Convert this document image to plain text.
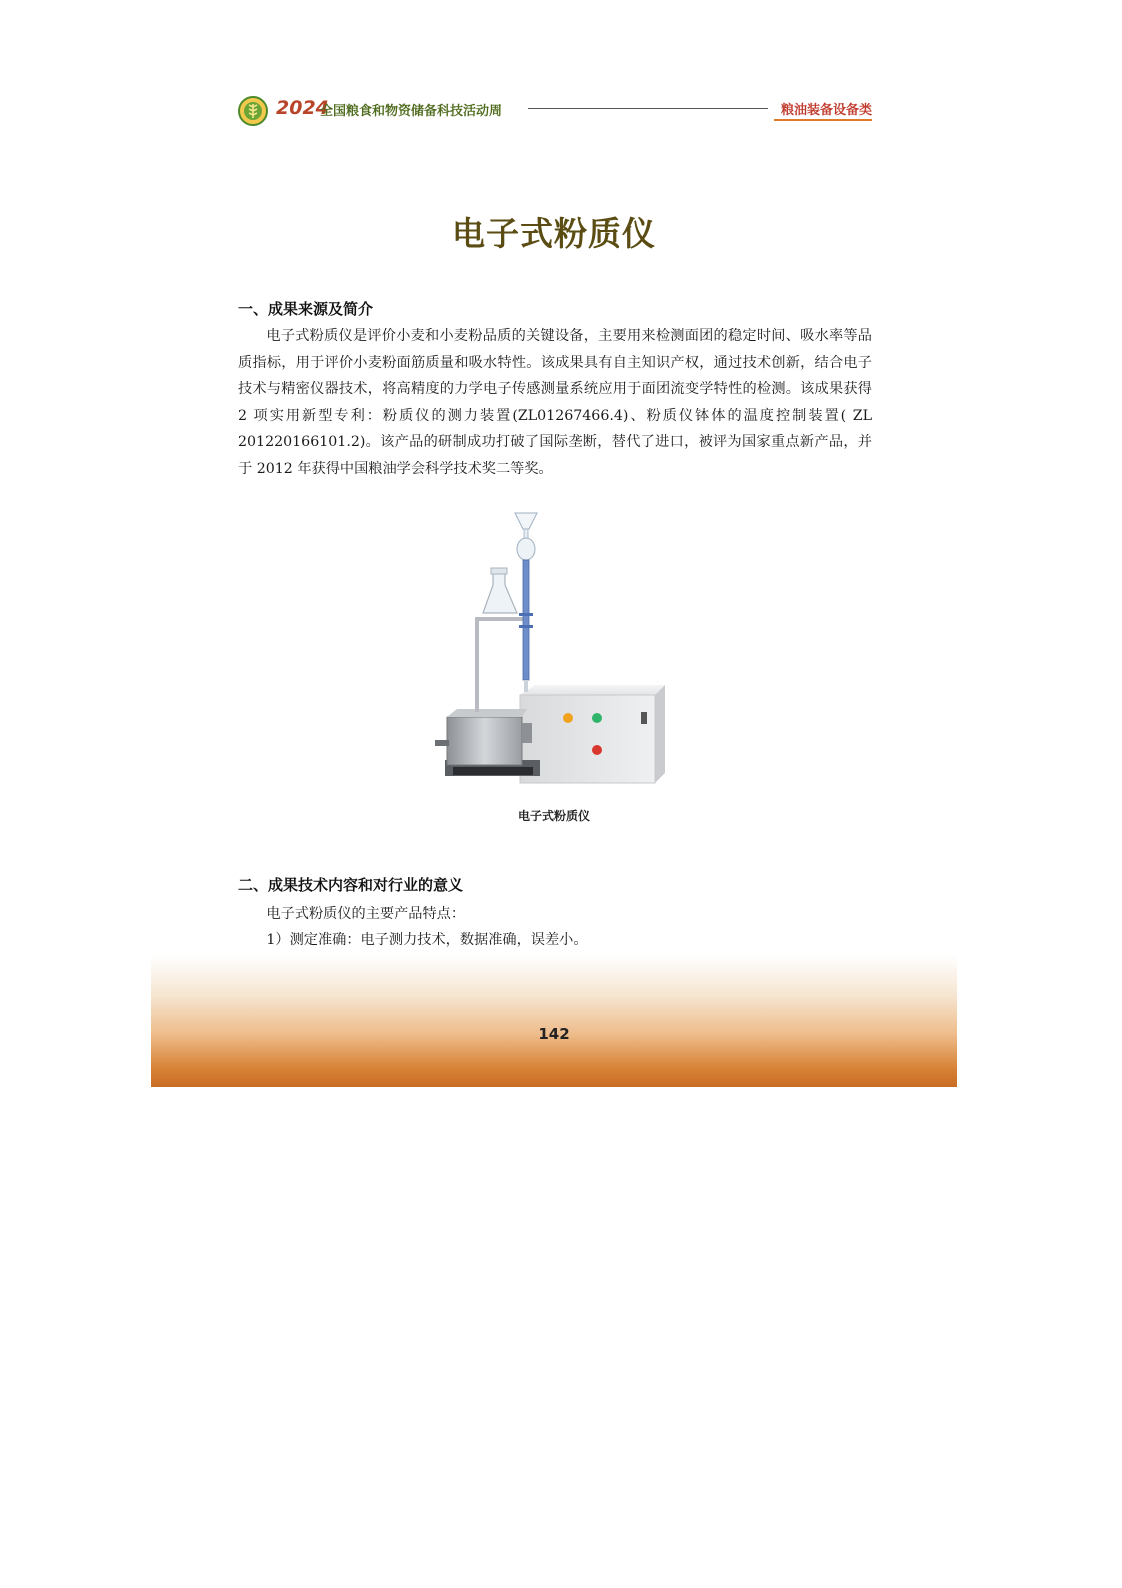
2024
全国粮食和物资储备科技活动周	粮油装备设备类
电子式粉质仪
一、成果来源及简介

电子式粉质仪是评价小麦和小麦粉品质的关键设备，主要用来检测面团的稳定时间、吸水率等品质指标，用于评价小麦粉面筋质量和吸水特性。该成果具有自主知识产权，通过技术创新，结合电子技术与精密仪器技术，将高精度的力学电子传感测量系统应用于面团流变学特性的检测。该成果获得 2 项实用新型专利：粉质仪的测力装置(ZL01267466.4)、粉质仪钵体的温度控制装置( ZL 201220166101.2)。该产品的研制成功打破了国际垄断，替代了进口，被评为国家重点新产品，并于 2012 年获得中国粮油学会科学技术奖二等奖。

电子式粉质仪
二、成果技术内容和对行业的意义
电子式粉质仪的主要产品特点：
1）测定准确：电子测力技术，数据准确，误差小。
142
